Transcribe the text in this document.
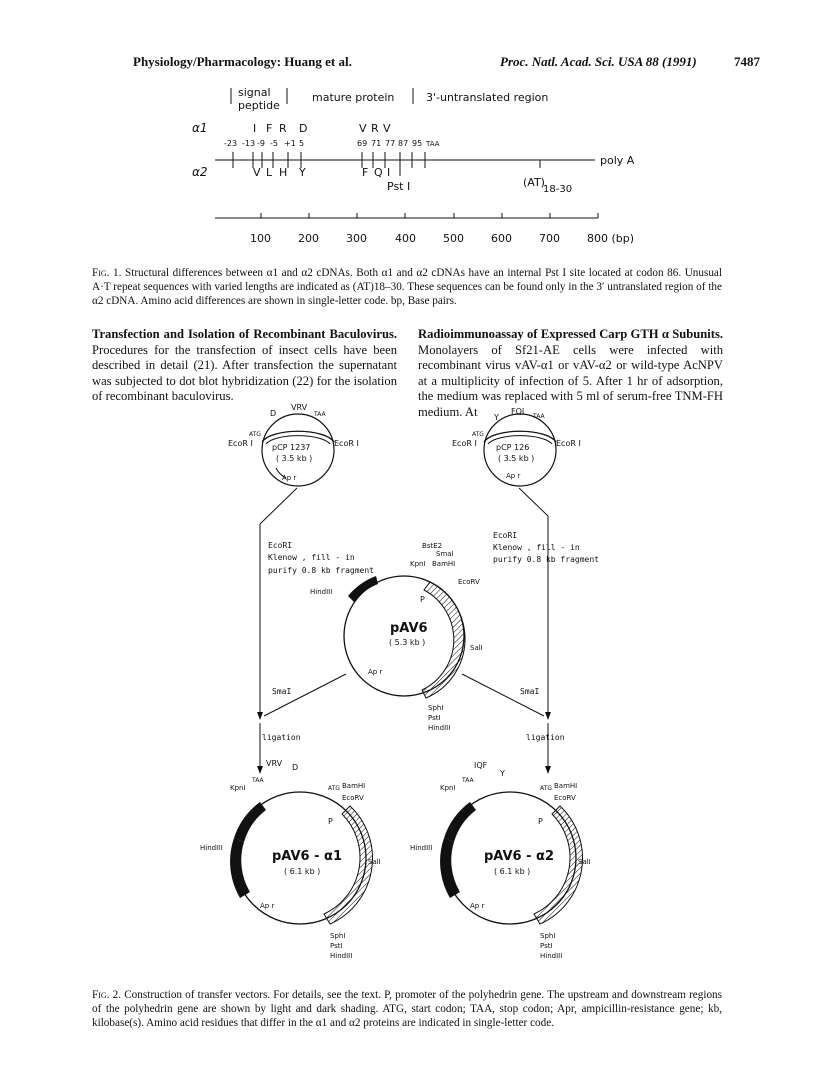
Physiology/Pharmacology: Huang et al.	Proc. Natl. Acad. Sci. USA 88 (1991)	7487
signal
peptide
mature protein	3'-untranslated region
α1
α2
I F R D	V R V
-23 -13 -9 -5 +1 5	69 71 77 87 95 TAA
poly A
V L H Y	F Q I
Pst I	(AT)
18-30
100 200 300	400 500 600 700 800 (bp)
Fig. 1. Structural differences between α1 and α2 cDNAs. Both α1 and α2 cDNAs have an internal Pst I site located at codon 86. Unusual A·T repeat sequences with varied lengths are indicated as (AT)18–30. These sequences can be found only in the 3′ untranslated region of the α2 cDNA. Amino acid differences are shown in single-letter code. bp, Base pairs.
Transfection and Isolation of Recombinant Baculovirus. Procedures for the transfection of insect cells have been described in detail (21). After transfection the supernatant was subjected to dot blot hybridization (22) for the isolation of recombinant baculovirus.
Radioimmunoassay of Expressed Carp GTH α Subunits. Monolayers of Sf21-AE cells were infected with recombinant virus vAV-α1 or vAV-α2 or wild-type AcNPV at a multiplicity of infection of 5. After 1 hr of adsorption, the medium was replaced with 5 ml of serum-free TNM-FH medium. At
pCP 1237
( 3.5 kb )
EcoR I	EcoR I
ATG
D
VRV
TAA
Ap r
pCP 126
( 3.5 kb )
EcoR I	EcoR I
ATG
Y
FQI
TAA
Ap r
EcoRI
Klenow , fill - in
purify 0.8 kb fragment
EcoRI
Klenow , fill - in
purify 0.8 kb fragment
pAV6
( 5.3 kb )
BstE2
SmaI
BamHI
KpnI
EcoRV
HindIII
P
SalI
SphI
PstI
HindIII
Ap r
SmaI	SmaI
ligation	ligation
pAV6 - α1
( 6.1 kb )
KpnI
TAA
VRV D
ATG BamHI
EcoRV
P
HindIII
SalI
SphI
PstI
HindIII
Ap r
pAV6 - α2
( 6.1 kb )
KpnI
TAA
IQF
Y
ATG BamHI
EcoRV
P
HindIII
SalI
SphI
PstI
HindIII
Ap r
Fig. 2. Construction of transfer vectors. For details, see the text. P, promoter of the polyhedrin gene. The upstream and downstream regions of the polyhedrin gene are shown by light and dark shading. ATG, start codon; TAA, stop codon; Apr, ampicillin-resistance gene; kb, kilobase(s). Amino acid residues that differ in the α1 and α2 proteins are indicated in single-letter code.
